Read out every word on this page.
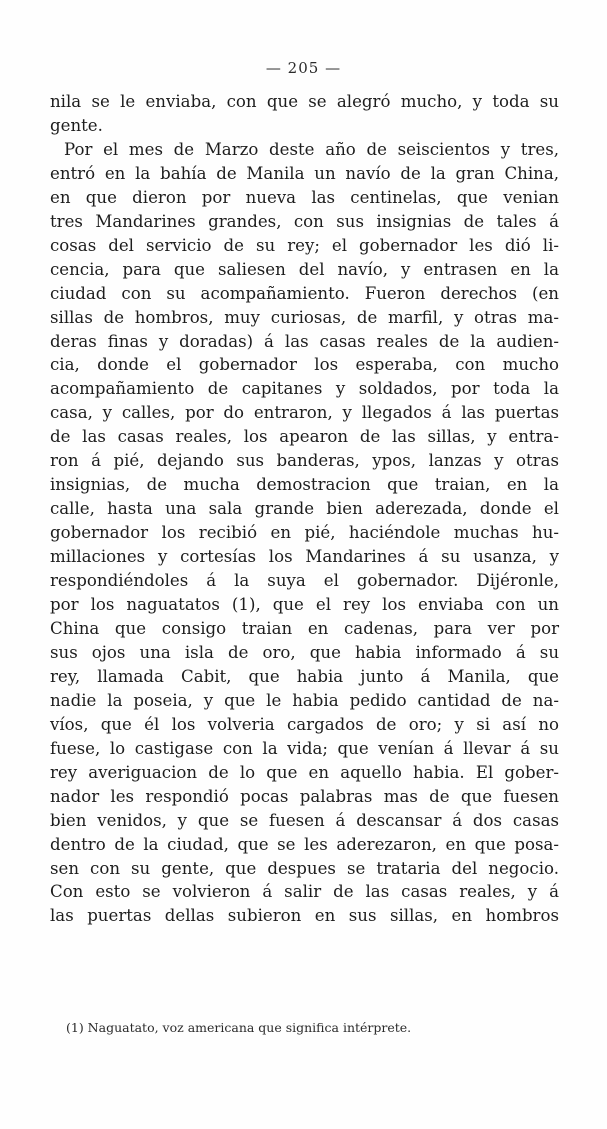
— 205 —
nila se le enviaba, con que se alegró mucho, y toda su
gente.
Por el mes de Marzo deste año de seiscientos y tres,
entró en la bahía de Manila un navío de la gran China,
en que dieron por nueva las centinelas, que venian
tres Mandarines grandes, con sus insignias de tales á
cosas del servicio de su rey; el gobernador les dió li-
cencia, para que saliesen del navío, y entrasen en la
ciudad con su acompañamiento. Fueron derechos (en
sillas de hombros, muy curiosas, de marfil, y otras ma-
deras finas y doradas) á las casas reales de la audien-
cia, donde el gobernador los esperaba, con mucho
acompañamiento de capitanes y soldados, por toda la
casa, y calles, por do entraron, y llegados á las puertas
de las casas reales, los apearon de las sillas, y entra-
ron á pié, dejando sus banderas, ypos, lanzas y otras
insignias, de mucha demostracion que traian, en la
calle, hasta una sala grande bien aderezada, donde el
gobernador los recibió en pié, haciéndole muchas hu-
millaciones y cortesías los Mandarines á su usanza, y
respondiéndoles á la suya el gobernador. Dijéronle,
por los naguatatos (1), que el rey los enviaba con un
China que consigo traian en cadenas, para ver por
sus ojos una isla de oro, que habia informado á su
rey, llamada Cabit, que habia junto á Manila, que
nadie la poseia, y que le habia pedido cantidad de na-
víos, que él los volveria cargados de oro; y si así no
fuese, lo castigase con la vida; que venían á llevar á su
rey averiguacion de lo que en aquello habia. El gober-
nador les respondió pocas palabras mas de que fuesen
bien venidos, y que se fuesen á descansar á dos casas
dentro de la ciudad, que se les aderezaron, en que posa-
sen con su gente, que despues se trataria del negocio.
Con esto se volvieron á salir de las casas reales, y á
las puertas dellas subieron en sus sillas, en hombros
(1) Naguatato, voz americana que significa intérprete.
